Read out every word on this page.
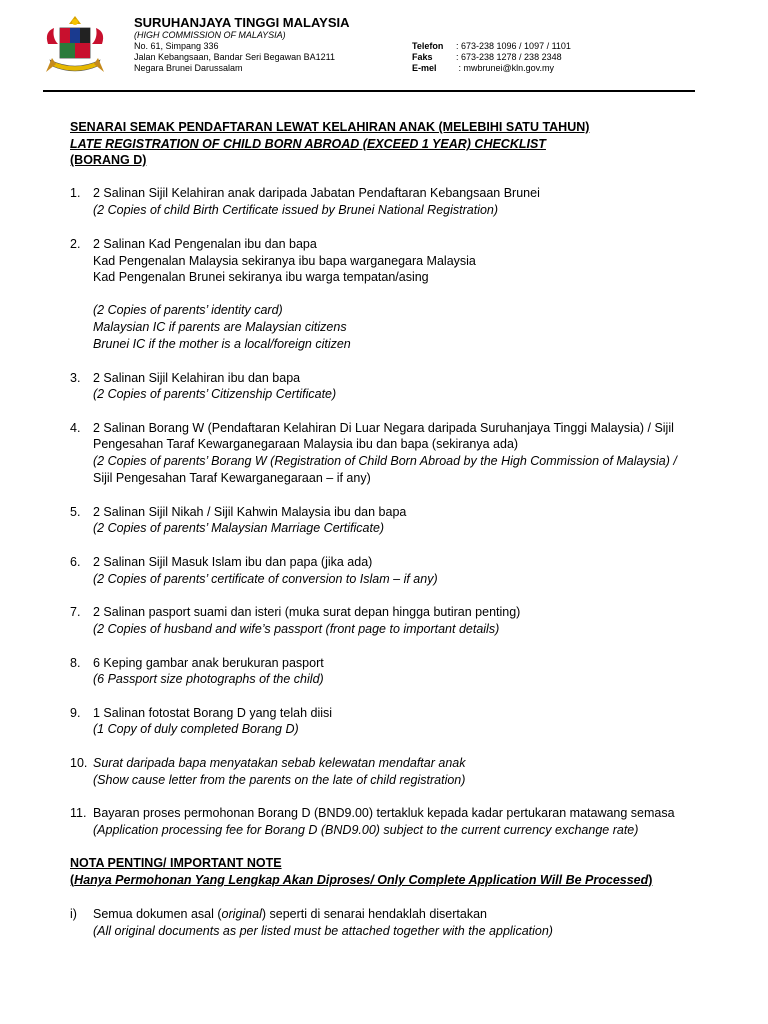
SURUHANJAYA TINGGI MALAYSIA
(HIGH COMMISSION OF MALAYSIA)
No. 61, Simpang 336
Jalan Kebangsaan, Bandar Seri Begawan BA1211
Negara Brunei Darussalam
Telefon : 673-238 1096 / 1097 / 1101
Faks	: 673-238 1278 / 238 2348
E-mel : mwbrunei@kln.gov.my
SENARAI SEMAK PENDAFTARAN LEWAT KELAHIRAN ANAK (MELEBIHI SATU TAHUN)
LATE REGISTRATION OF CHILD BORN ABROAD (EXCEED 1 YEAR) CHECKLIST
(BORANG D)
1. 2 Salinan Sijil Kelahiran anak daripada Jabatan Pendaftaran Kebangsaan Brunei
(2 Copies of child Birth Certificate issued by Brunei National Registration)
2. 2 Salinan Kad Pengenalan ibu dan bapa
Kad Pengenalan Malaysia sekiranya ibu bapa warganegara Malaysia
Kad Pengenalan Brunei sekiranya ibu warga tempatan/asing
(2 Copies of parents’ identity card)
Malaysian IC if parents are Malaysian citizens
Brunei IC if the mother is a local/foreign citizen
3. 2 Salinan Sijil Kelahiran ibu dan bapa
(2 Copies of parents’ Citizenship Certificate)
4. 2 Salinan Borang W (Pendaftaran Kelahiran Di Luar Negara daripada Suruhanjaya Tinggi Malaysia) / Sijil
Pengesahan Taraf Kewarganegaraan Malaysia ibu dan bapa (sekiranya ada)
(2 Copies of parents’ Borang W (Registration of Child Born Abroad by the High Commission of Malaysia) /
Sijil Pengesahan Taraf Kewarganegaraan – if any)
5. 2 Salinan Sijil Nikah / Sijil Kahwin Malaysia ibu dan bapa
(2 Copies of parents’ Malaysian Marriage Certificate)
6. 2 Salinan Sijil Masuk Islam ibu dan papa (jika ada)
(2 Copies of parents’ certificate of conversion to Islam – if any)
7. 2 Salinan pasport suami dan isteri (muka surat depan hingga butiran penting)
(2 Copies of husband and wife’s passport (front page to important details)
8. 6 Keping gambar anak berukuran pasport
(6 Passport size photographs of the child)
9. 1 Salinan fotostat Borang D yang telah diisi
(1 Copy of duly completed Borang D)
10. Surat daripada bapa menyatakan sebab kelewatan mendaftar anak
(Show cause letter from the parents on the late of child registration)
11. Bayaran proses permohonan Borang D (BND9.00) tertakluk kepada kadar pertukaran matawang semasa
(Application processing fee for Borang D (BND9.00) subject to the current currency exchange rate)
NOTA PENTING/ IMPORTANT NOTE
(Hanya Permohonan Yang Lengkap Akan Diproses/ Only Complete Application Will Be Processed)
i) Semua dokumen asal (original) seperti di senarai hendaklah disertakan
(All original documents as per listed must be attached together with the application)
